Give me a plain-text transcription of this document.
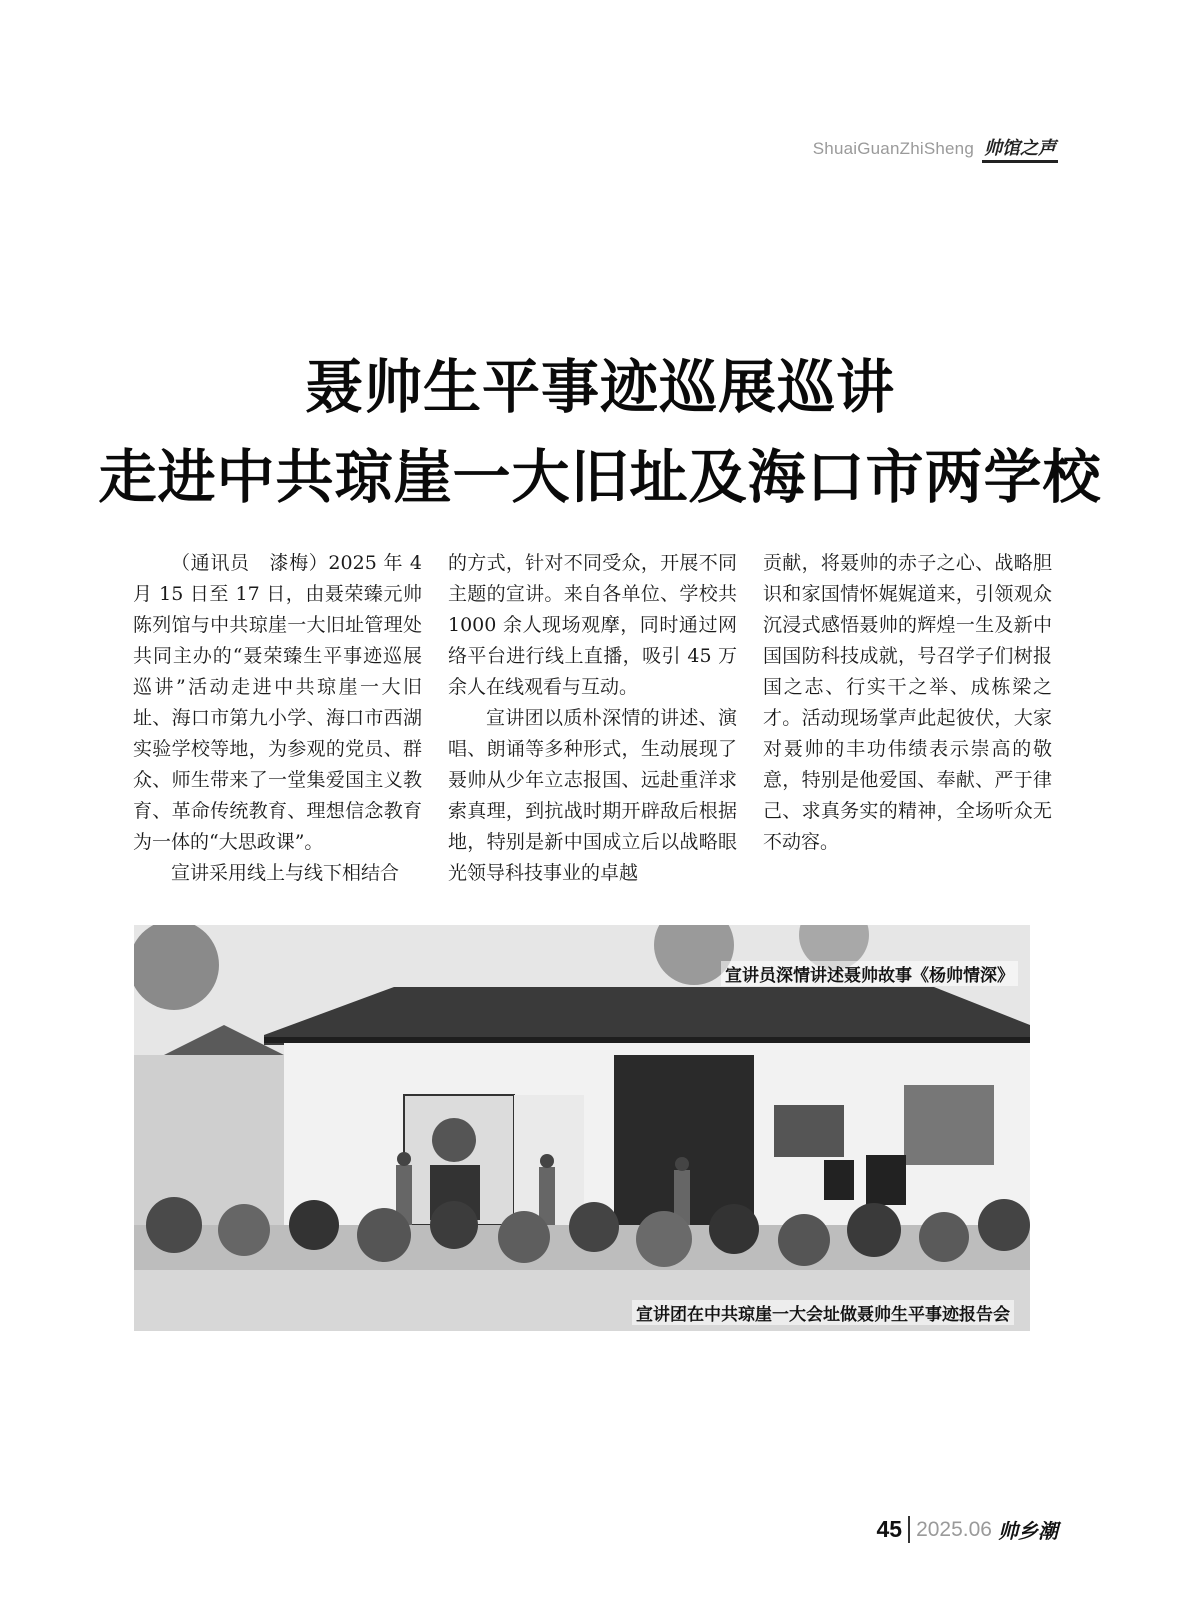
ShuaiGuanZhiSheng 帅馆之声
聂帅生平事迹巡展巡讲
走进中共琼崖一大旧址及海口市两学校

（通讯员　漆梅）2025 年 4 月 15 日至 17 日，由聂荣臻元帅陈列馆与中共琼崖一大旧址管理处共同主办的“聂荣臻生平事迹巡展巡讲”活动走进中共琼崖一大旧址、海口市第九小学、海口市西湖实验学校等地，为参观的党员、群众、师生带来了一堂集爱国主义教育、革命传统教育、理想信念教育为一体的“大思政课”。

宣讲采用线上与线下相结合

的方式，针对不同受众，开展不同主题的宣讲。来自各单位、学校共 1000 余人现场观摩，同时通过网络平台进行线上直播，吸引 45 万余人在线观看与互动。

宣讲团以质朴深情的讲述、演唱、朗诵等多种形式，生动展现了聂帅从少年立志报国、远赴重洋求索真理，到抗战时期开辟敌后根据地，特别是新中国成立后以战略眼光领导科技事业的卓越

贡献，将聂帅的赤子之心、战略胆识和家国情怀娓娓道来，引领观众沉浸式感悟聂帅的辉煌一生及新中国国防科技成就，号召学子们树报国之志、行实干之举、成栋梁之才。活动现场掌声此起彼伏，大家对聂帅的丰功伟绩表示崇高的敬意，特别是他爱国、奉献、严于律己、求真务实的精神，全场听众无不动容。

宣讲员深情讲述聂帅故事《杨帅情深》
宣讲团在中共琼崖一大会址做聂帅生平事迹报告会
45 2025.06 帅乡潮
